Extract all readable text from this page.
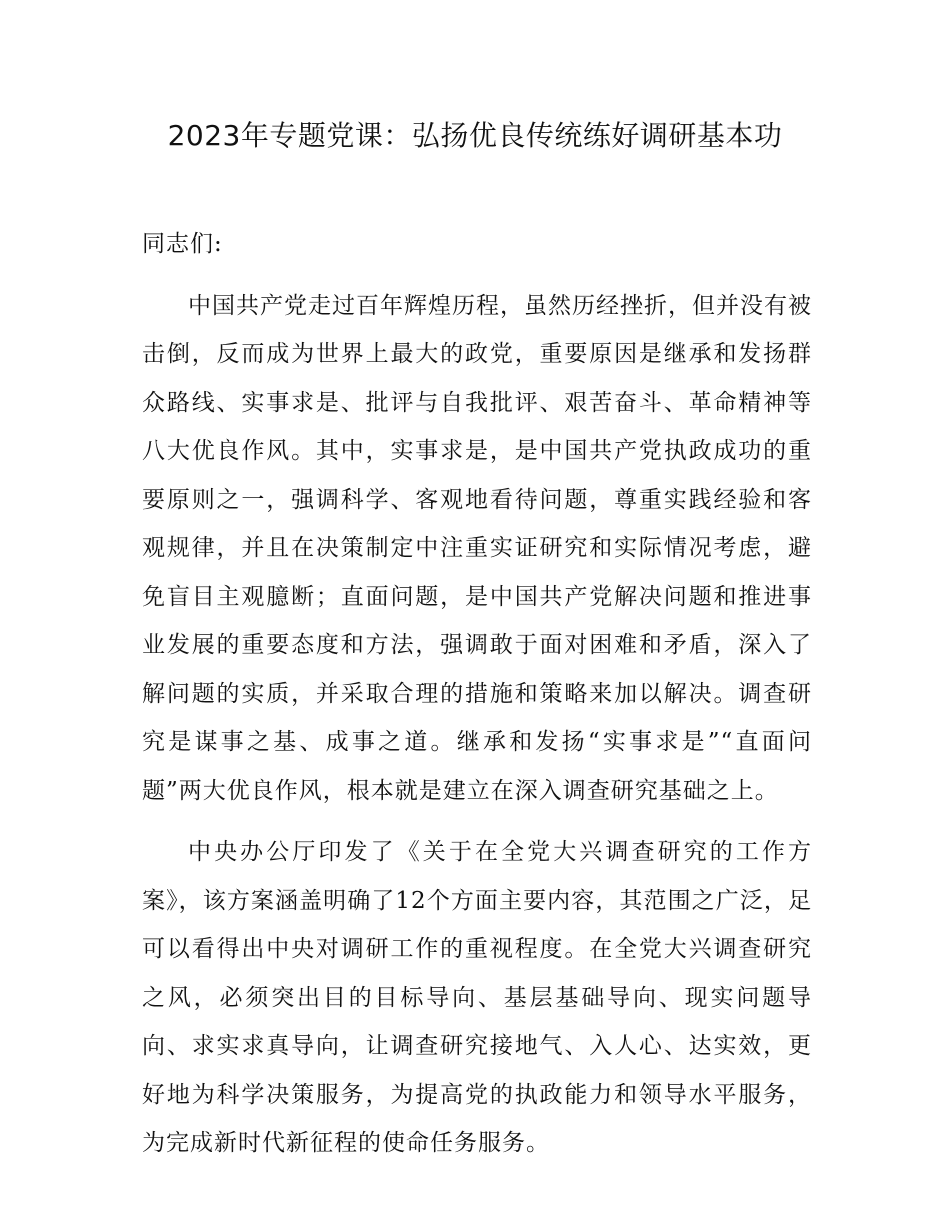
2023年专题党课：弘扬优良传统练好调研基本功

同志们:

中国共产党走过百年辉煌历程，虽然历经挫折，但并没有被击倒，反而成为世界上最大的政党，重要原因是继承和发扬群众路线、实事求是、批评与自我批评、艰苦奋斗、革命精神等八大优良作风。其中，实事求是，是中国共产党执政成功的重要原则之一，强调科学、客观地看待问题，尊重实践经验和客观规律，并且在决策制定中注重实证研究和实际情况考虑，避免盲目主观臆断；直面问题，是中国共产党解决问题和推进事业发展的重要态度和方法，强调敢于面对困难和矛盾，深入了解问题的实质，并采取合理的措施和策略来加以解决。调查研究是谋事之基、成事之道。继承和发扬“实事求是”“直面问题”两大优良作风，根本就是建立在深入调查研究基础之上。

中央办公厅印发了《关于在全党大兴调查研究的工作方案》，该方案涵盖明确了12个方面主要内容，其范围之广泛，足可以看得出中央对调研工作的重视程度。在全党大兴调查研究之风，必须突出目的目标导向、基层基础导向、现实问题导向、求实求真导向，让调查研究接地气、入人心、达实效，更好地为科学决策服务，为提高党的执政能力和领导水平服务，为完成新时代新征程的使命任务服务。
